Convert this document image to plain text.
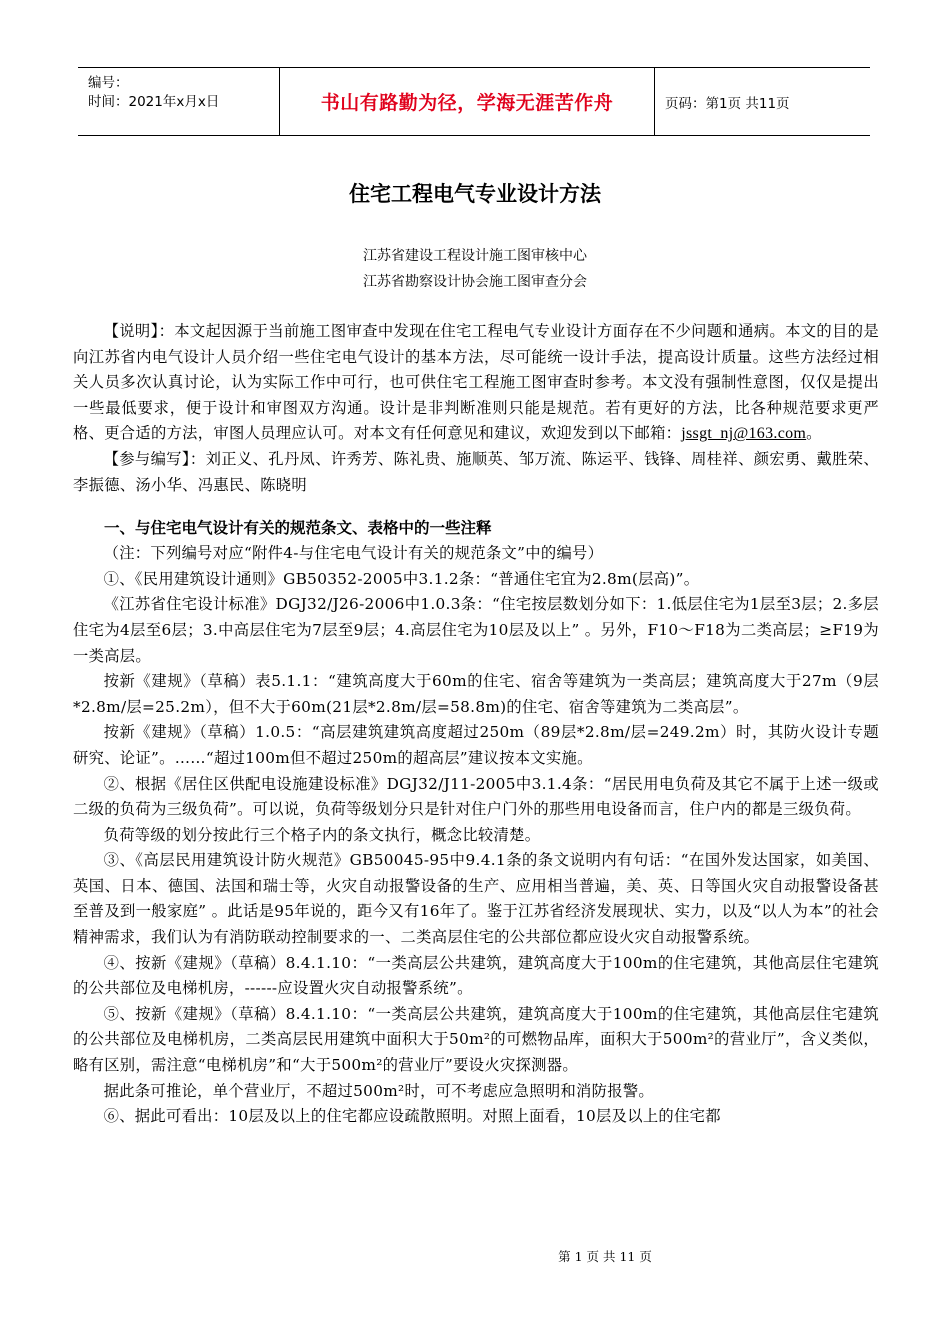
编号：
时间：2021年x月x日	书山有路勤为径，学海无涯苦作舟	页码：第1页 共11页
住宅工程电气专业设计方法
江苏省建设工程设计施工图审核中心
江苏省勘察设计协会施工图审查分会

【说明】：本文起因源于当前施工图审查中发现在住宅工程电气专业设计方面存在不少问题和通病。本文的目的是向江苏省内电气设计人员介绍一些住宅电气设计的基本方法，尽可能统一设计手法，提高设计质量。这些方法经过相关人员多次认真讨论，认为实际工作中可行，也可供住宅工程施工图审查时参考。本文没有强制性意图，仅仅是提出一些最低要求，便于设计和审图双方沟通。设计是非判断准则只能是规范。若有更好的方法，比各种规范要求更严格、更合适的方法，审图人员理应认可。对本文有任何意见和建议，欢迎发到以下邮箱：jssgt_nj@163.com。

【参与编写】：刘正义、孔丹凤、许秀芳、陈礼贵、施顺英、邹万流、陈运平、钱锋、周桂祥、颜宏勇、戴胜荣、李振德、汤小华、冯惠民、陈晓明

一、与住宅电气设计有关的规范条文、表格中的一些注释

（注：下列编号对应“附件4-与住宅电气设计有关的规范条文”中的编号）

①、《民用建筑设计通则》GB50352-2005中3.1.2条：“普通住宅宜为2.8m(层高)”。

《江苏省住宅设计标准》DGJ32/J26-2006中1.0.3条：“住宅按层数划分如下：1.低层住宅为1层至3层；2.多层住宅为4层至6层；3.中高层住宅为7层至9层；4.高层住宅为10层及以上” 。另外，F10～F18为二类高层；≥F19为一类高层。

按新《建规》（草稿）表5.1.1：“建筑高度大于60m的住宅、宿舍等建筑为一类高层；建筑高度大于27m（9层*2.8m/层=25.2m），但不大于60m(21层*2.8m/层=58.8m)的住宅、宿舍等建筑为二类高层”。

按新《建规》（草稿）1.0.5：“高层建筑建筑高度超过250m（89层*2.8m/层=249.2m）时，其防火设计专题研究、论证”。……“超过100m但不超过250m的超高层”建议按本文实施。

②、根据《居住区供配电设施建设标准》DGJ32/J11-2005中3.1.4条：“居民用电负荷及其它不属于上述一级或二级的负荷为三级负荷”。可以说，负荷等级划分只是针对住户门外的那些用电设备而言，住户内的都是三级负荷。

负荷等级的划分按此行三个格子内的条文执行，概念比较清楚。

③、《高层民用建筑设计防火规范》GB50045-95中9.4.1条的条文说明内有句话：“在国外发达国家，如美国、英国、日本、德国、法国和瑞士等，火灾自动报警设备的生产、应用相当普遍，美、英、日等国火灾自动报警设备甚至普及到一般家庭” 。此话是95年说的，距今又有16年了。鉴于江苏省经济发展现状、实力，以及“以人为本”的社会精神需求，我们认为有消防联动控制要求的一、二类高层住宅的公共部位都应设火灾自动报警系统。

④、按新《建规》（草稿）8.4.1.10：“一类高层公共建筑，建筑高度大于100m的住宅建筑，其他高层住宅建筑的公共部位及电梯机房，------应设置火灾自动报警系统”。

⑤、按新《建规》（草稿）8.4.1.10：“一类高层公共建筑，建筑高度大于100m的住宅建筑，其他高层住宅建筑的公共部位及电梯机房，二类高层民用建筑中面积大于50m²的可燃物品库，面积大于500m²的营业厅”，含义类似，略有区别，需注意“电梯机房”和“大于500m²的营业厅”要设火灾探测器。

据此条可推论，单个营业厅，不超过500m²时，可不考虑应急照明和消防报警。

⑥、据此可看出：10层及以上的住宅都应设疏散照明。对照上面看，10层及以上的住宅都

第 1 页 共 11 页
